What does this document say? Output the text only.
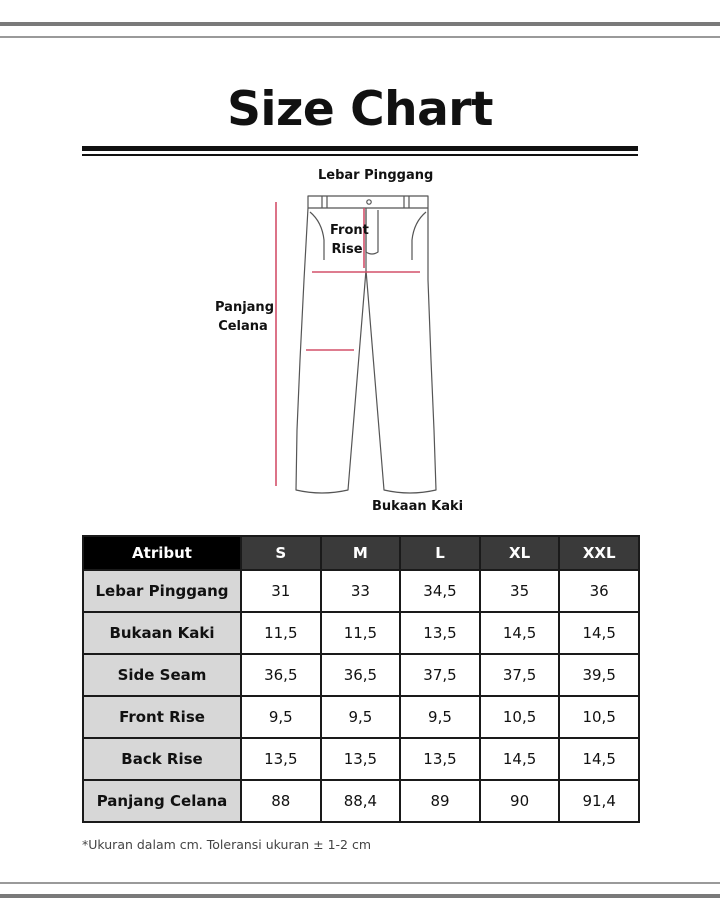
Size Chart
Lebar Pinggang
Front
Rise
Panjang
Celana
Bukaan Kaki
Atribut	S	M	L	XL	XXL
Lebar Pinggang	31	33	34,5	35	36
Bukaan Kaki	11,5	11,5	13,5	14,5	14,5
Side Seam	36,5	36,5	37,5	37,5	39,5
Front Rise	9,5	9,5	9,5	10,5	10,5
Back Rise	13,5	13,5	13,5	14,5	14,5
Panjang Celana	88	88,4	89	90	91,4

*Ukuran dalam cm. Toleransi ukuran ± 1-2 cm
